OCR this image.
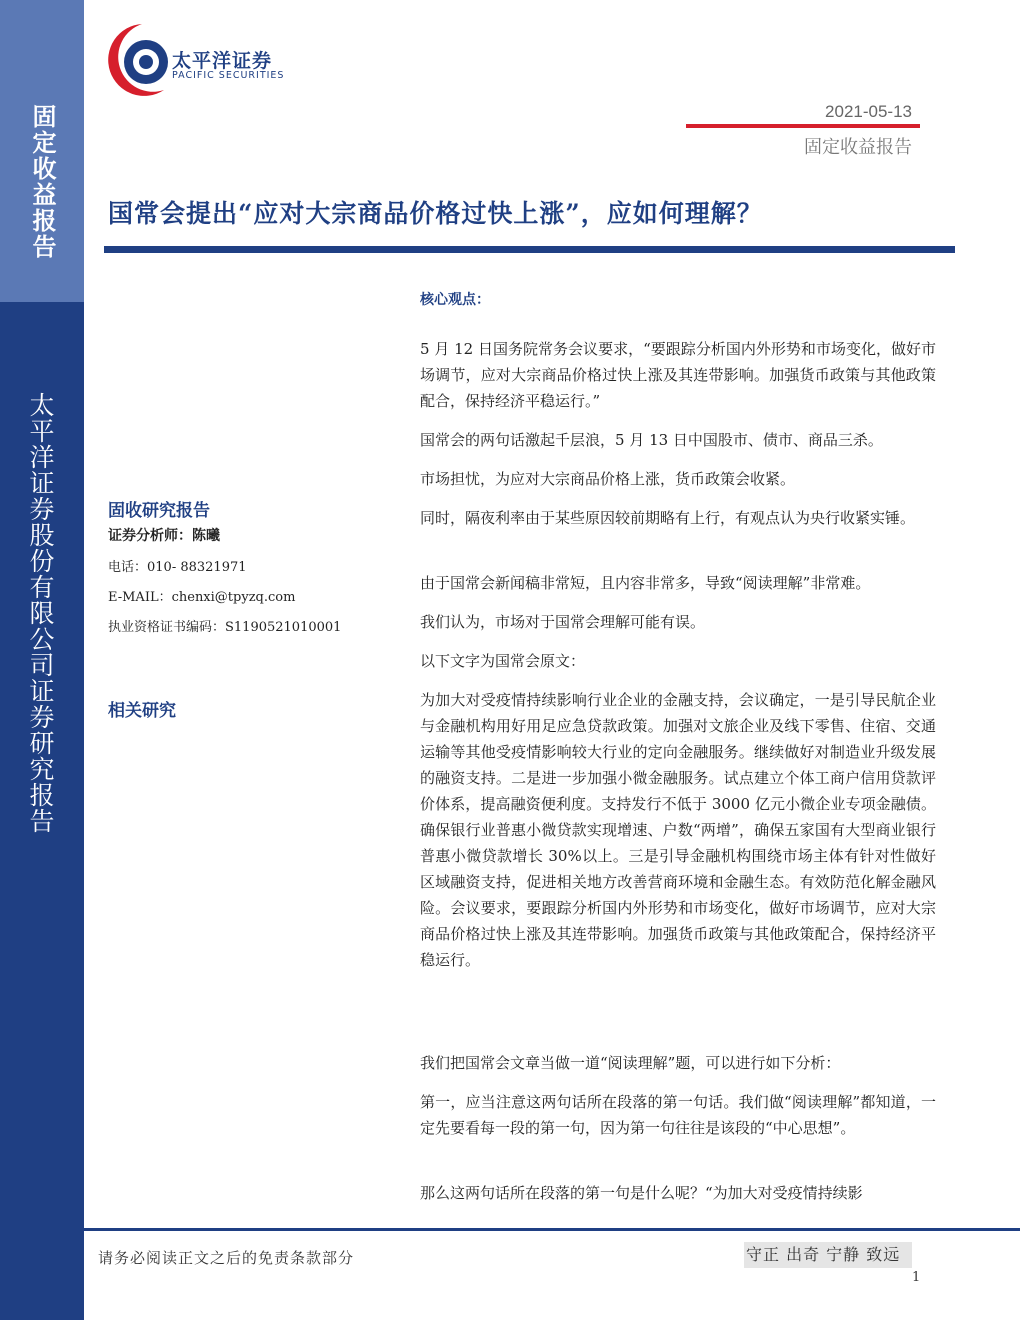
固定收益报告
太平洋证券股份有限公司证券研究报告
太平洋证券
PACIFIC SECURITIES
2021-05-13
固定收益报告
国常会提出“应对大宗商品价格过快上涨”，应如何理解？
固收研究报告
证券分析师：陈曦
电话：010- 88321971
E-MAIL：chenxi@tpyzq.com
执业资格证书编码：S1190521010001
相关研究
核心观点：

5 月 12 日国务院常务会议要求，“要跟踪分析国内外形势和市场变化，做好市场调节，应对大宗商品价格过快上涨及其连带影响。加强货币政策与其他政策配合，保持经济平稳运行。”

国常会的两句话激起千层浪，5 月 13 日中国股市、债市、商品三杀。

市场担忧，为应对大宗商品价格上涨，货币政策会收紧。

同时，隔夜利率由于某些原因较前期略有上行，有观点认为央行收紧实锤。

由于国常会新闻稿非常短，且内容非常多，导致“阅读理解”非常难。

我们认为，市场对于国常会理解可能有误。

以下文字为国常会原文：

为加大对受疫情持续影响行业企业的金融支持，会议确定，一是引导民航企业与金融机构用好用足应急贷款政策。加强对文旅企业及线下零售、住宿、交通运输等其他受疫情影响较大行业的定向金融服务。继续做好对制造业升级发展的融资支持。二是进一步加强小微金融服务。试点建立个体工商户信用贷款评价体系，提高融资便利度。支持发行不低于 3000 亿元小微企业专项金融债。确保银行业普惠小微贷款实现增速、户数“两增”，确保五家国有大型商业银行普惠小微贷款增长 30%以上。三是引导金融机构围绕市场主体有针对性做好区域融资支持，促进相关地方改善营商环境和金融生态。有效防范化解金融风险。会议要求，要跟踪分析国内外形势和市场变化，做好市场调节，应对大宗商品价格过快上涨及其连带影响。加强货币政策与其他政策配合，保持经济平稳运行。

我们把国常会文章当做一道“阅读理解”题，可以进行如下分析：

第一，应当注意这两句话所在段落的第一句话。我们做“阅读理解”都知道，一定先要看每一段的第一句，因为第一句往往是该段的“中心思想”。

那么这两句话所在段落的第一句是什么呢？“为加大对受疫情持续影

请务必阅读正文之后的免责条款部分	守正 出奇 宁静 致远
1
